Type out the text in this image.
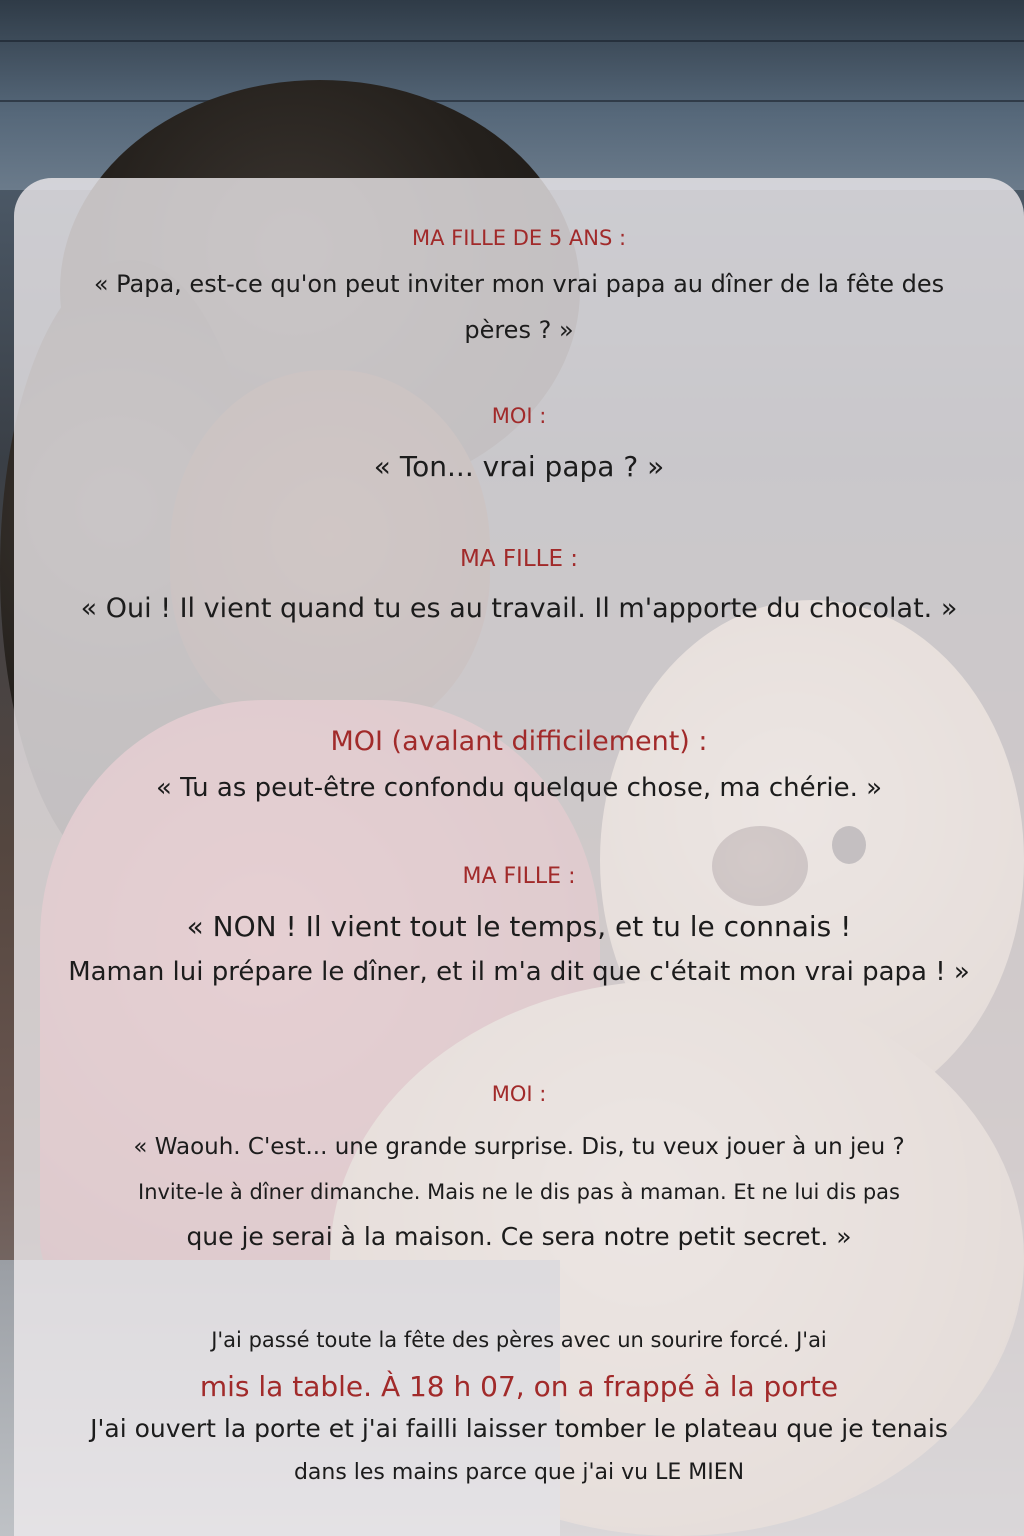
MA FILLE DE 5 ANS :
« Papa, est-ce qu'on peut inviter mon vrai papa au dîner de la fête des
pères ? »
MOI :
« Ton... vrai papa ? »
MA FILLE :
« Oui ! Il vient quand tu es au travail. Il m'apporte du chocolat. »
MOI (avalant difficilement) :
« Tu as peut-être confondu quelque chose, ma chérie. »
MA FILLE :
« NON ! Il vient tout le temps, et tu le connais !
Maman lui prépare le dîner, et il m'a dit que c'était mon vrai papa ! »
MOI :
« Waouh. C'est... une grande surprise. Dis, tu veux jouer à un jeu ?
Invite-le à dîner dimanche. Mais ne le dis pas à maman. Et ne lui dis pas
que je serai à la maison. Ce sera notre petit secret. »
J'ai passé toute la fête des pères avec un sourire forcé. J'ai
mis la table. À 18 h 07, on a frappé à la porte
J'ai ouvert la porte et j'ai failli laisser tomber le plateau que je tenais
dans les mains parce que j'ai vu LE MIEN
